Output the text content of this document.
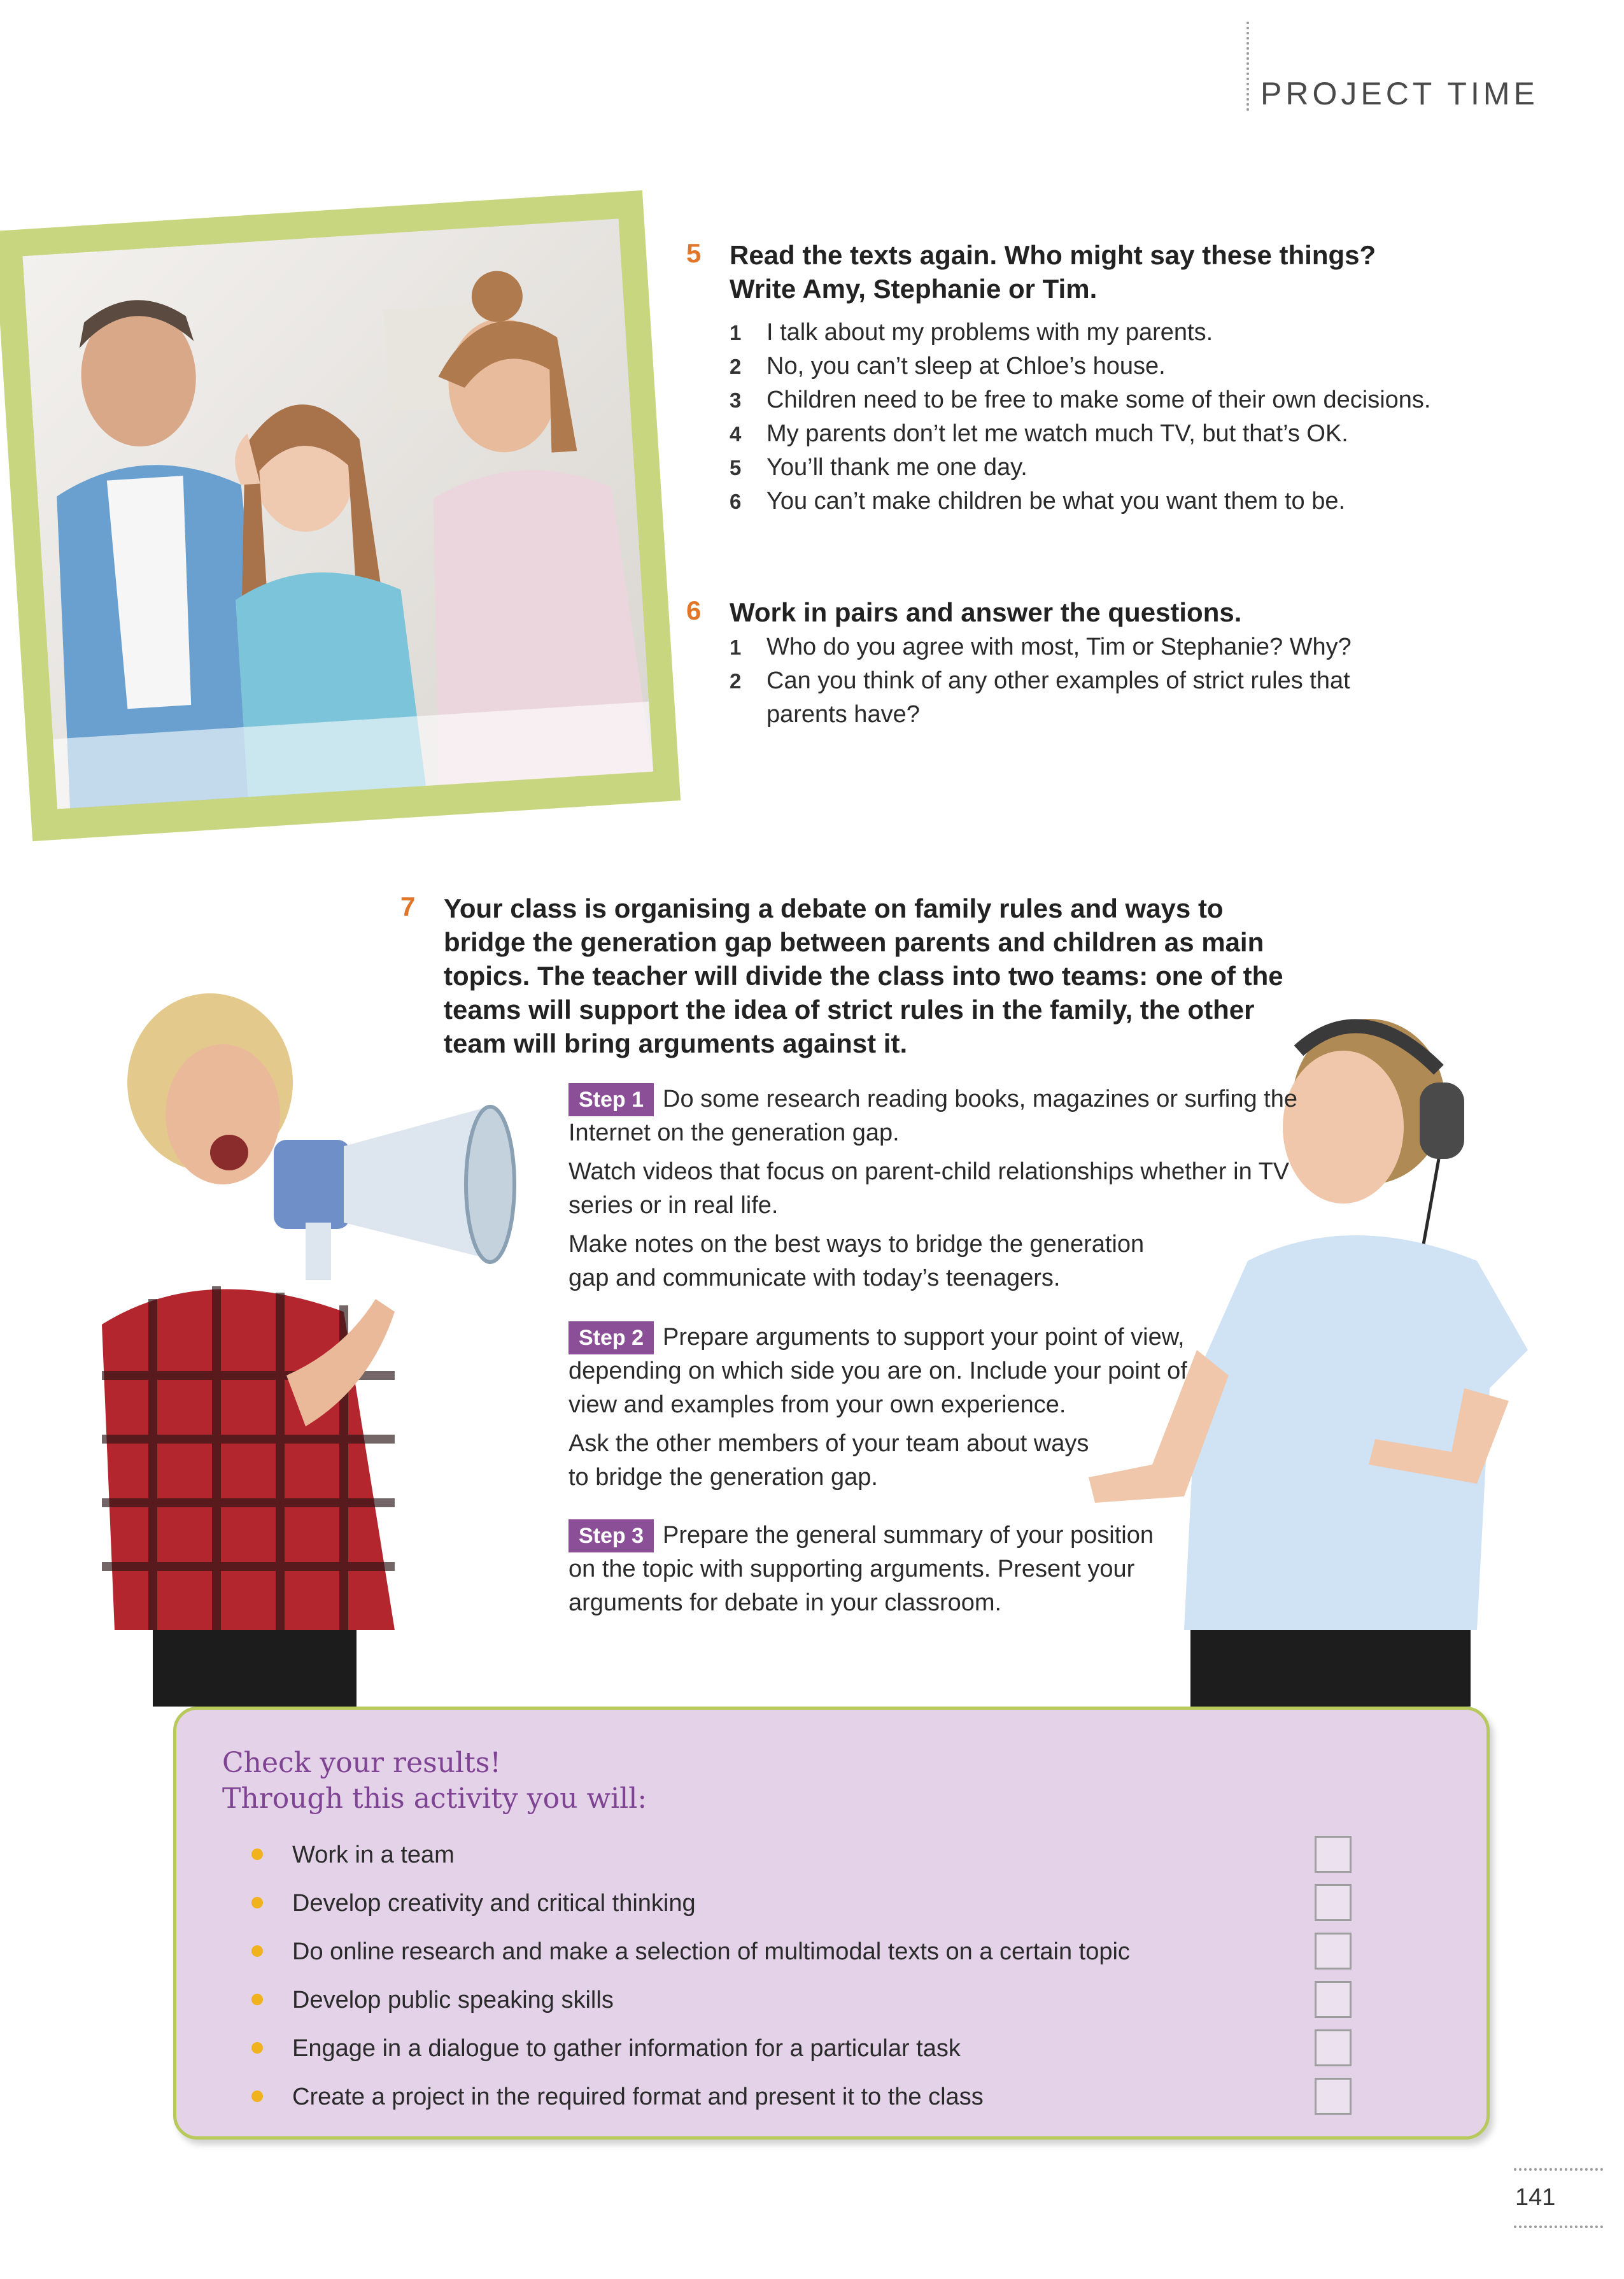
PROJECT TIME
5 Read the texts again. Who might say these things? Write Amy, Stephanie or Tim.
1 I talk about my problems with my parents.
2 No, you can’t sleep at Chloe’s house.
3 Children need to be free to make some of their own decisions.
4 My parents don’t let me watch much TV, but that’s OK.
5 You’ll thank me one day.
6 You can’t make children be what you want them to be.
6 Work in pairs and answer the questions.
1 Who do you agree with most, Tim or Stephanie? Why?
2 Can you think of any other examples of strict rules that parents have?
7 Your class is organising a debate on family rules and ways to bridge the generation gap between parents and children as main topics. The teacher will divide the class into two teams: one of the teams will support the idea of strict rules in the family, the other team will bring arguments against it.
Step 1 Do some research reading books, magazines or surfing the Internet on the generation gap.
Watch videos that focus on parent-child relationships whether in TV series or in real life.
Make notes on the best ways to bridge the generation gap and communicate with today’s teenagers.
Step 2 Prepare arguments to support your point of view, depending on which side you are on. Include your point of view and examples from your own experience.
Ask the other members of your team about ways to bridge the generation gap.
Step 3 Prepare the general summary of your position on the topic with supporting arguments. Present your arguments for debate in your classroom.
Check your results!
Through this activity you will:
Work in a team
Develop creativity and critical thinking
Do online research and make a selection of multimodal texts on a certain topic
Develop public speaking skills
Engage in a dialogue to gather information for a particular task
Create a project in the required format and present it to the class
141
